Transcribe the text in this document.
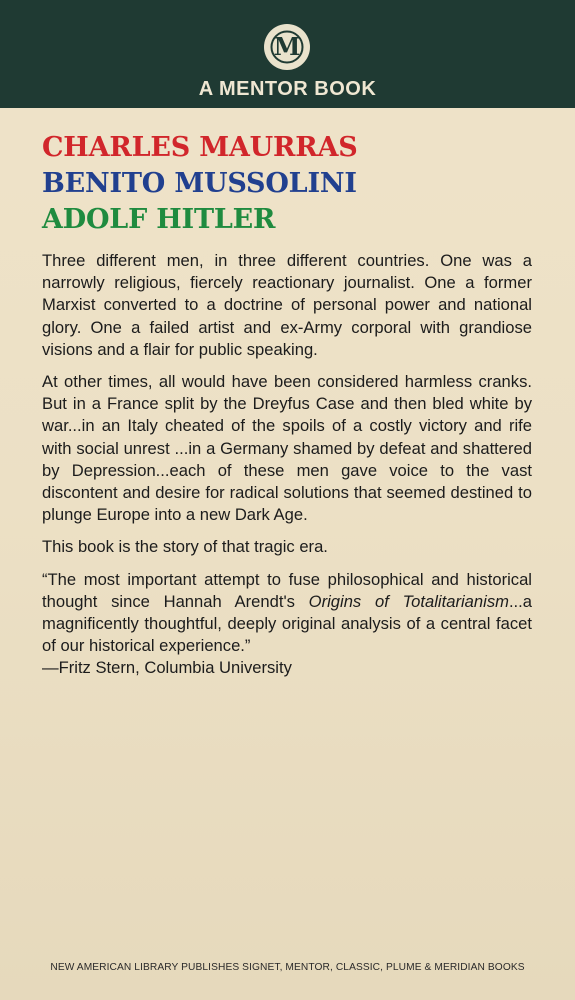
M
A MENTOR BOOK
CHARLES MAURRAS
BENITO MUSSOLINI
ADOLF HITLER

Three different men, in three different countries. One was a narrowly religious, fiercely reactionary journalist. One a former Marxist converted to a doctrine of personal power and national glory. One a failed artist and ex-Army corporal with grandiose visions and a flair for public speaking.

At other times, all would have been considered harmless cranks. But in a France split by the Dreyfus Case and then bled white by war...in an Italy cheated of the spoils of a costly victory and rife with social unrest ...in a Germany shamed by defeat and shattered by Depression...each of these men gave voice to the vast discontent and desire for radical solutions that seemed destined to plunge Europe into a new Dark Age.

This book is the story of that tragic era.

“The most important attempt to fuse philosophical and historical thought since Hannah Arendt's Origins of Totalitarianism...a magnificently thoughtful, deeply original analysis of a central facet of our historical experience.”

—Fritz Stern, Columbia University

NEW AMERICAN LIBRARY PUBLISHES SIGNET, MENTOR, CLASSIC, PLUME & MERIDIAN BOOKS
